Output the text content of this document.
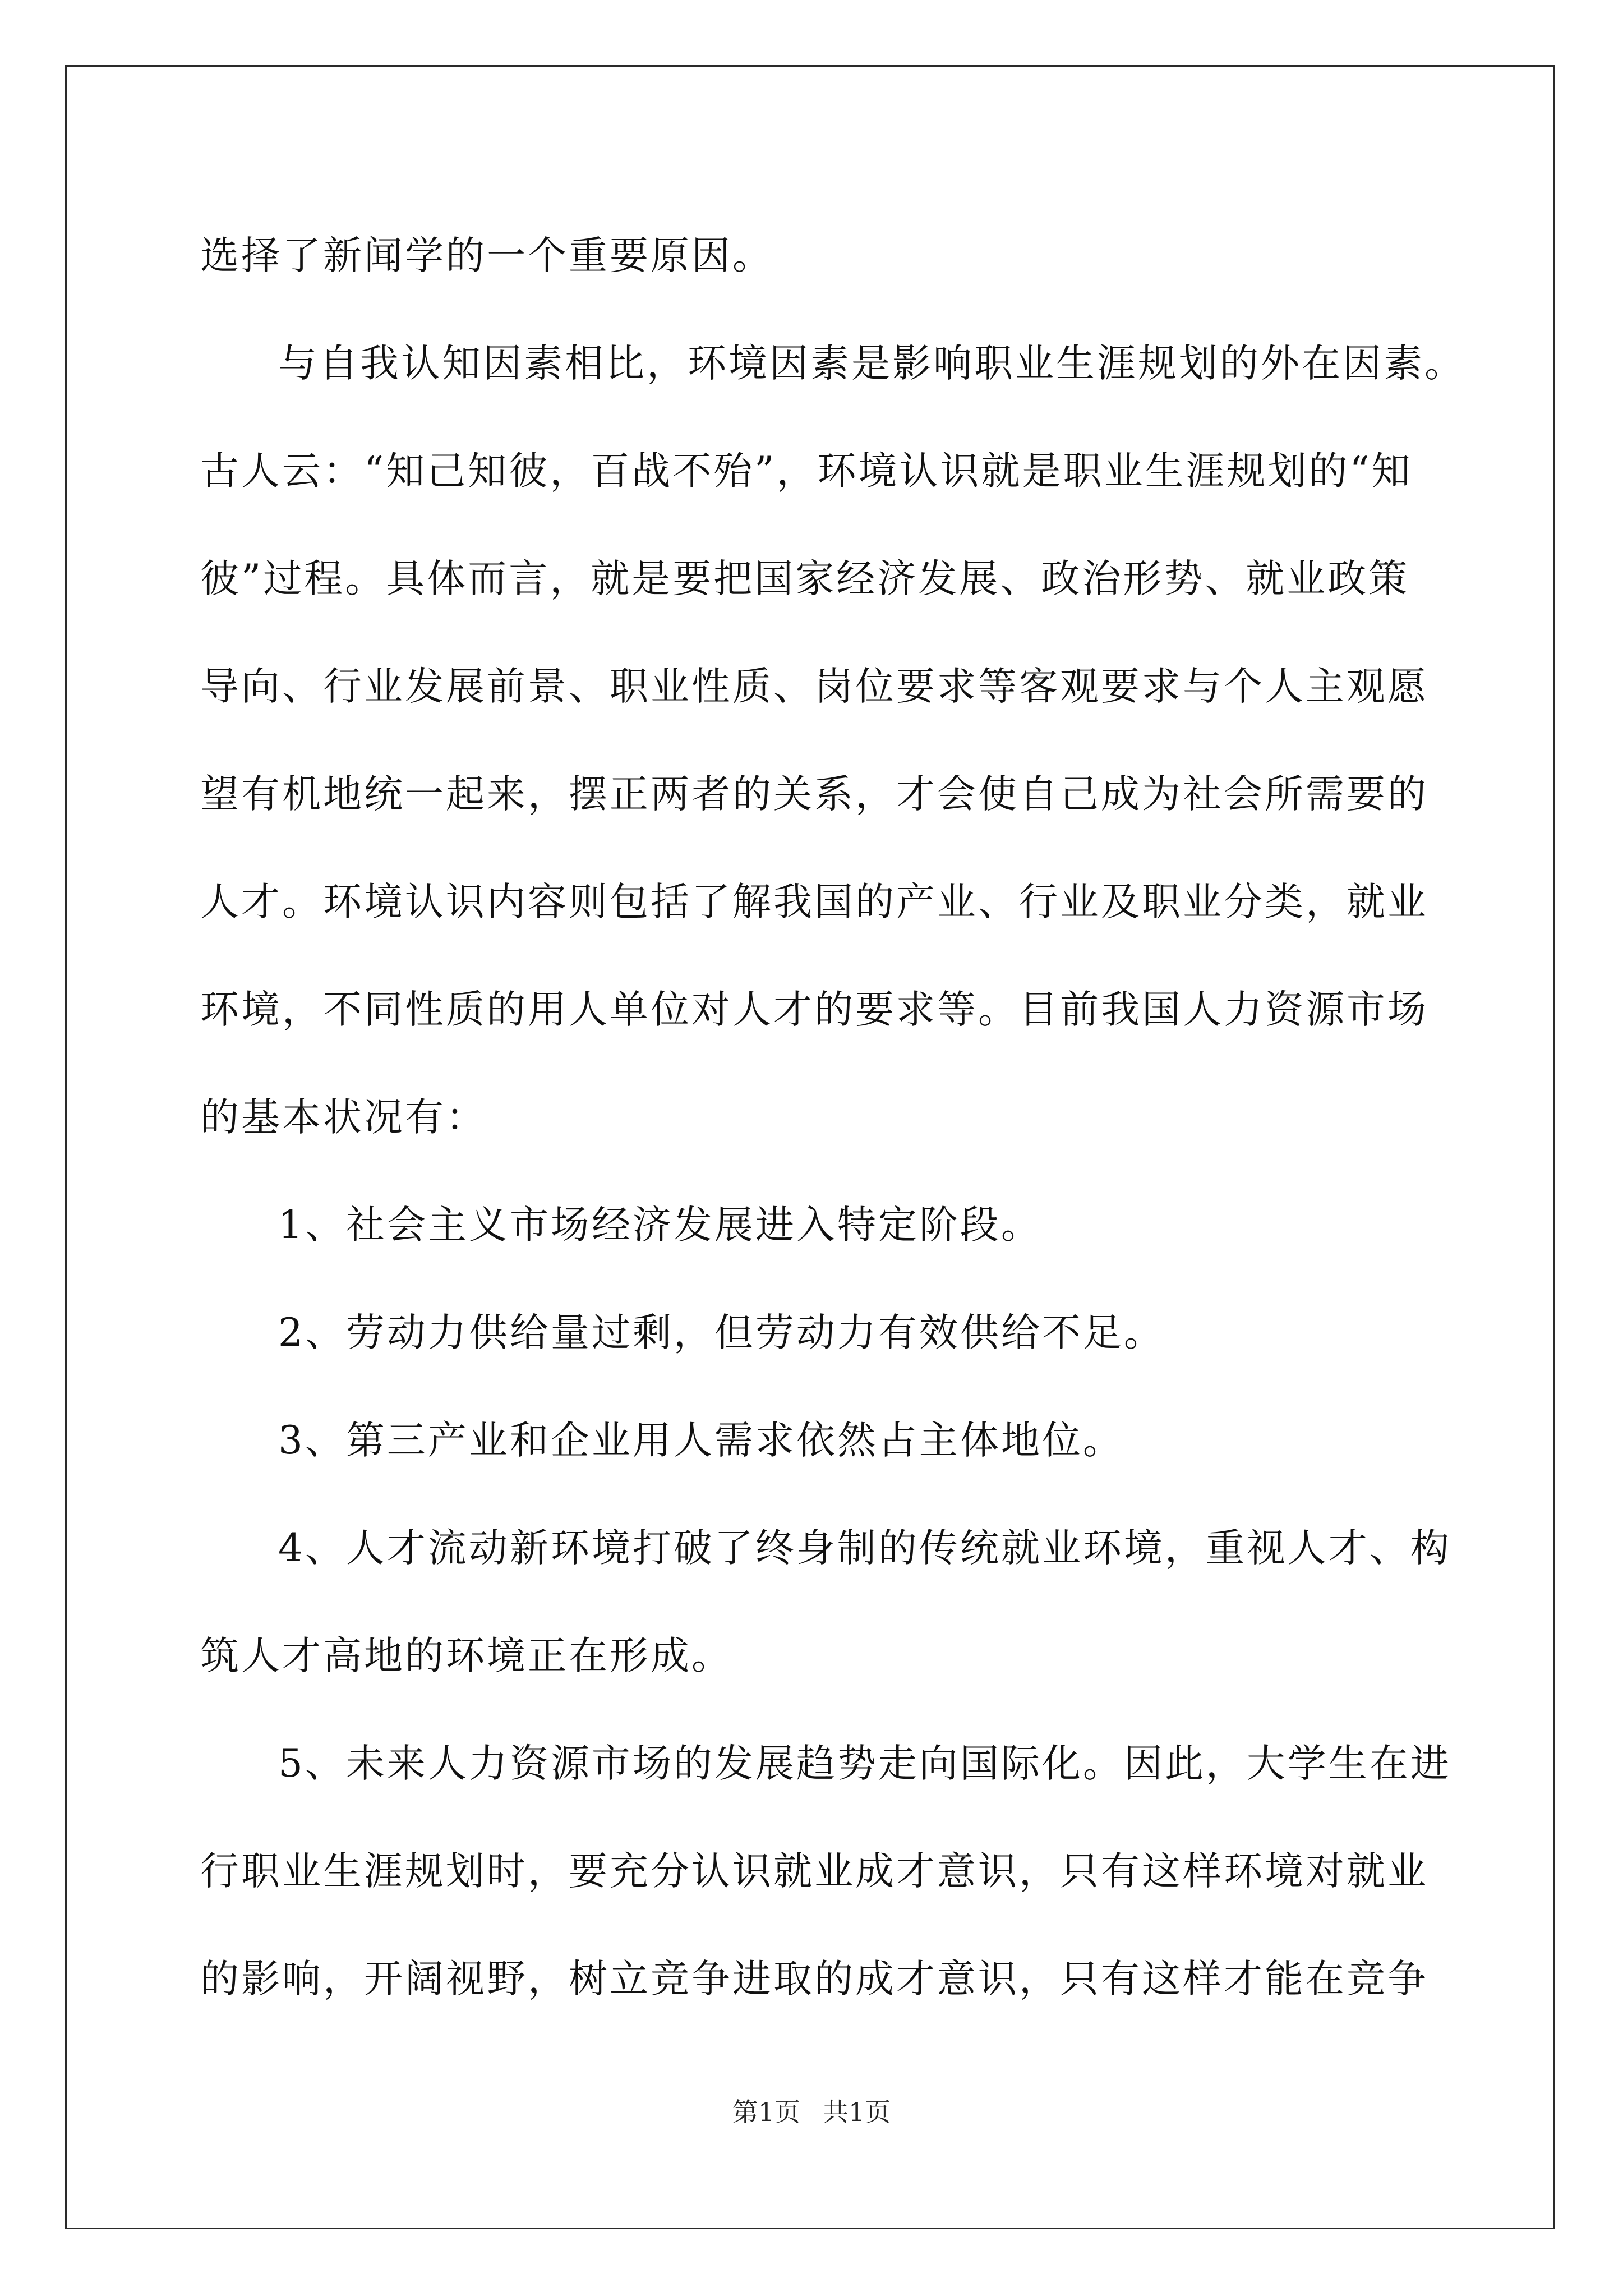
选择了新闻学的一个重要原因。
与自我认知因素相比，环境因素是影响职业生涯规划的外在因素。
古人云：“知己知彼，百战不殆”，环境认识就是职业生涯规划的“知
彼”过程。具体而言，就是要把国家经济发展、政治形势、就业政策
导向、行业发展前景、职业性质、岗位要求等客观要求与个人主观愿
望有机地统一起来，摆正两者的关系，才会使自己成为社会所需要的
人才。环境认识内容则包括了解我国的产业、行业及职业分类，就业
环境，不同性质的用人单位对人才的要求等。目前我国人力资源市场
的基本状况有：
1、社会主义市场经济发展进入特定阶段。
2、劳动力供给量过剩，但劳动力有效供给不足。
3、第三产业和企业用人需求依然占主体地位。
4、人才流动新环境打破了终身制的传统就业环境，重视人才、构
筑人才高地的环境正在形成。
5、未来人力资源市场的发展趋势走向国际化。因此，大学生在进
行职业生涯规划时，要充分认识就业成才意识，只有这样环境对就业
的影响，开阔视野，树立竞争进取的成才意识，只有这样才能在竞争
第1页 共1页
